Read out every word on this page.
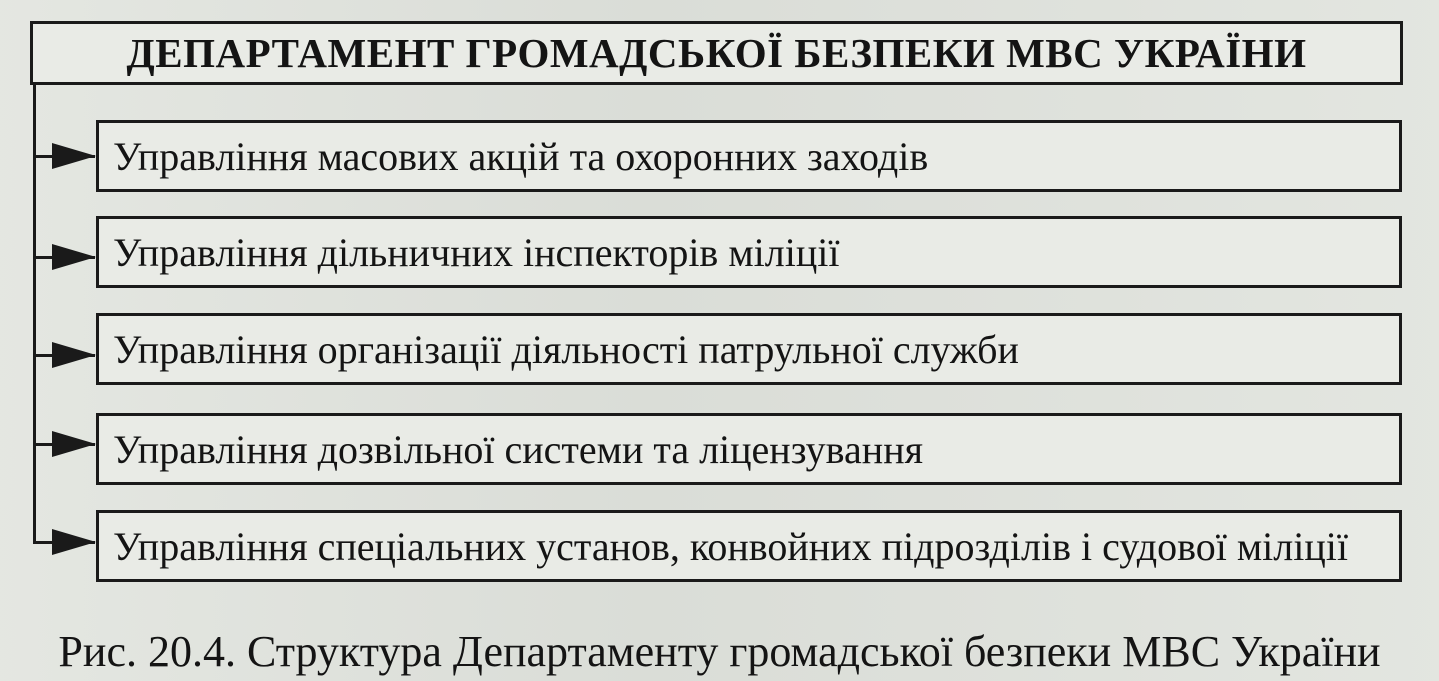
ДЕПАРТАМЕНТ ГРОМАДСЬКОЇ БЕЗПЕКИ МВС УКРАЇНИ
Управління масових акцій та охоронних заходів
Управління дільничних інспекторів міліції
Управління організації діяльності патрульної служби
Управління дозвільної системи та ліцензування
Управління спеціальних установ, конвойних підрозділів і судової міліції
Рис. 20.4. Структура Департаменту громадської безпеки МВС України
